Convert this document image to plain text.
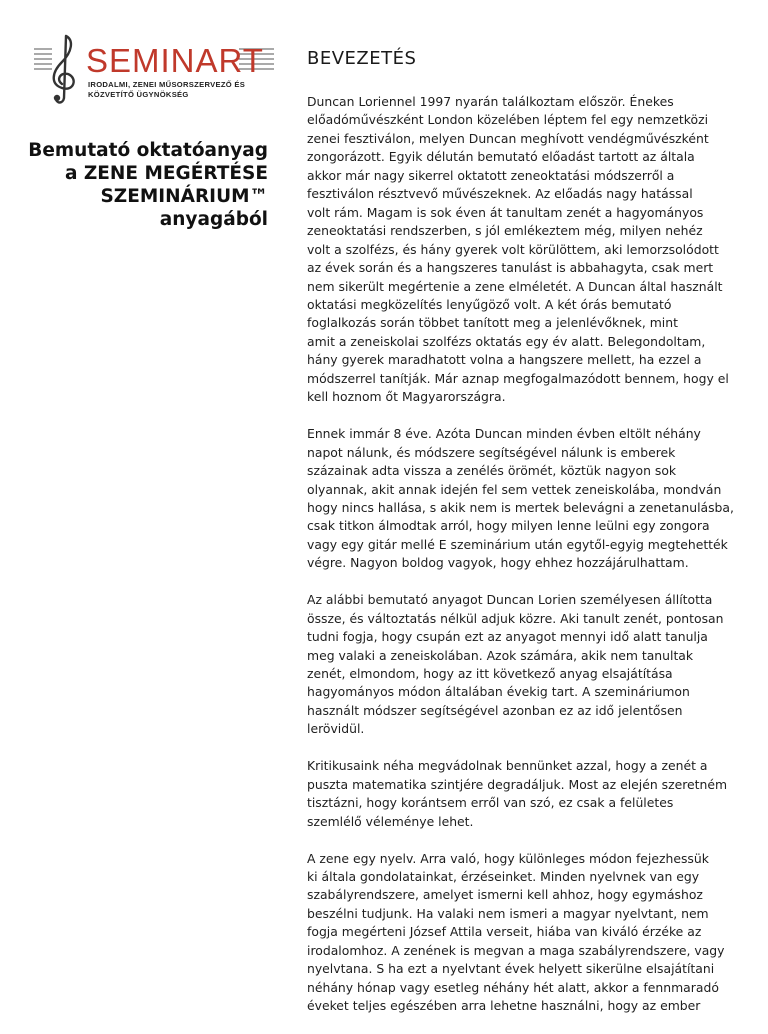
SEMINART
IRODALMI, ZENEI MŰSORSZERVEZŐ ÉS
KÖZVETÍTŐ ÜGYNÖKSÉG
Bemutató oktatóanyag
a ZENE MEGÉRTÉSE
SZEMINÁRIUM™
anyagából
BEVEZETÉS
Duncan Loriennel 1997 nyarán találkoztam először. Énekes
előadóművészként London közelében léptem fel egy nemzetközi
zenei fesztiválon, melyen Duncan meghívott vendégművészként
zongorázott. Egyik délután bemutató előadást tartott az általa
akkor már nagy sikerrel oktatott zeneoktatási módszerről a
fesztiválon résztvevő művészeknek. Az előadás nagy hatással
volt rám. Magam is sok éven át tanultam zenét a hagyományos
zeneoktatási rendszerben, s jól emlékeztem még, milyen nehéz
volt a szolfézs, és hány gyerek volt körülöttem, aki lemorzsolódott
az évek során és a hangszeres tanulást is abbahagyta, csak mert
nem sikerült megértenie a zene elméletét. A Duncan által használt
oktatási megközelítés lenyűgöző volt. A két órás bemutató
foglalkozás során többet tanított meg a jelenlévőknek, mint
amit a zeneiskolai szolfézs oktatás egy év alatt. Belegondoltam,
hány gyerek maradhatott volna a hangszere mellett, ha ezzel a
módszerrel tanítják. Már aznap megfogalmazódott bennem, hogy el
kell hoznom őt Magyarországra.
Ennek immár 8 éve. Azóta Duncan minden évben eltölt néhány
napot nálunk, és módszere segítségével nálunk is emberek
százainak adta vissza a zenélés örömét, köztük nagyon sok
olyannak, akit annak idején fel sem vettek zeneiskolába, mondván
hogy nincs hallása, s akik nem is mertek belevágni a zenetanulásba,
csak titkon álmodtak arról, hogy milyen lenne leülni egy zongora
vagy egy gitár mellé E szeminárium után egytől-egyig megtehették
végre. Nagyon boldog vagyok, hogy ehhez hozzájárulhattam.
Az alábbi bemutató anyagot Duncan Lorien személyesen állította
össze, és változtatás nélkül adjuk közre. Aki tanult zenét, pontosan
tudni fogja, hogy csupán ezt az anyagot mennyi idő alatt tanulja
meg valaki a zeneiskolában. Azok számára, akik nem tanultak
zenét, elmondom, hogy az itt következő anyag elsajátítása
hagyományos módon általában évekig tart. A szemináriumon
használt módszer segítségével azonban ez az idő jelentősen
lerövidül.
Kritikusaink néha megvádolnak bennünket azzal, hogy a zenét a
puszta matematika szintjére degradáljuk. Most az elején szeretném
tisztázni, hogy korántsem erről van szó, ez csak a felületes
szemlélő véleménye lehet.
A zene egy nyelv. Arra való, hogy különleges módon fejezhessük
ki általa gondolatainkat, érzéseinket. Minden nyelvnek van egy
szabályrendszere, amelyet ismerni kell ahhoz, hogy egymáshoz
beszélni tudjunk. Ha valaki nem ismeri a magyar nyelvtant, nem
fogja megérteni József Attila verseit, hiába van kiváló érzéke az
irodalomhoz. A zenének is megvan a maga szabályrendszere, vagy
nyelvtana. S ha ezt a nyelvtant évek helyett sikerülne elsajátítani
néhány hónap vagy esetleg néhány hét alatt, akkor a fennmaradó
éveket teljes egészében arra lehetne használni, hogy az ember
